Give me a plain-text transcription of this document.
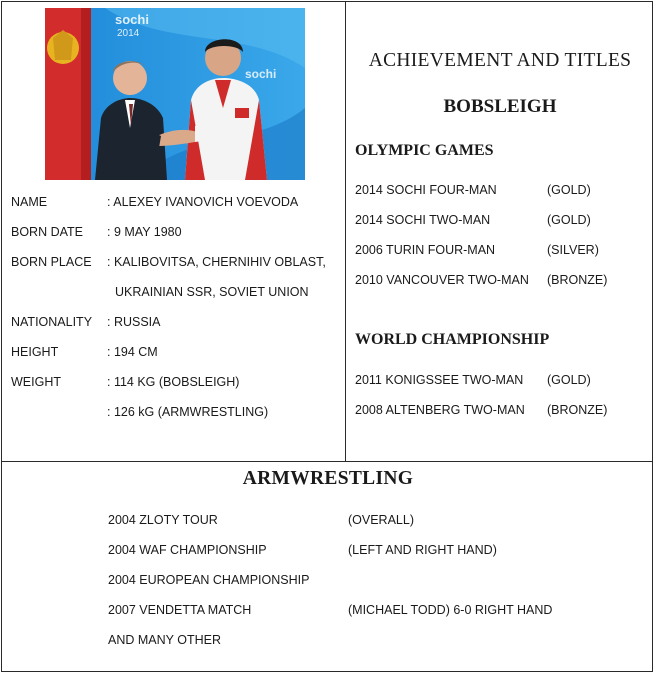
sochi
2014
sochi
NAME	: ALEXEY IVANOVICH VOEVODA
BORN DATE : 9 MAY 1980
BORN PLACE : KALIBOVITSA, CHERNIHIV OBLAST,
UKRAINIAN SSR, SOVIET UNION
NATIONALITY : RUSSIA
HEIGHT	: 194 CM
WEIGHT	: 114 KG (BOBSLEIGH)
: 126 kG (ARMWRESTLING)
ACHIEVEMENT AND TITLES
BOBSLEIGH
OLYMPIC GAMES
2014 SOCHI FOUR-MAN	(GOLD)
2014 SOCHI TWO-MAN	(GOLD)
2006 TURIN FOUR-MAN	(SILVER)
2010 VANCOUVER TWO-MAN (BRONZE)
WORLD CHAMPIONSHIP
2011 KONIGSSEE TWO-MAN (GOLD)
2008 ALTENBERG TWO-MAN (BRONZE)
ARMWRESTLING
2004 ZLOTY TOUR	(OVERALL)
2004 WAF CHAMPIONSHIP	(LEFT AND RIGHT HAND)
2004 EUROPEAN CHAMPIONSHIP
2007 VENDETTA MATCH	(MICHAEL TODD) 6-0 RIGHT HAND
AND MANY OTHER
